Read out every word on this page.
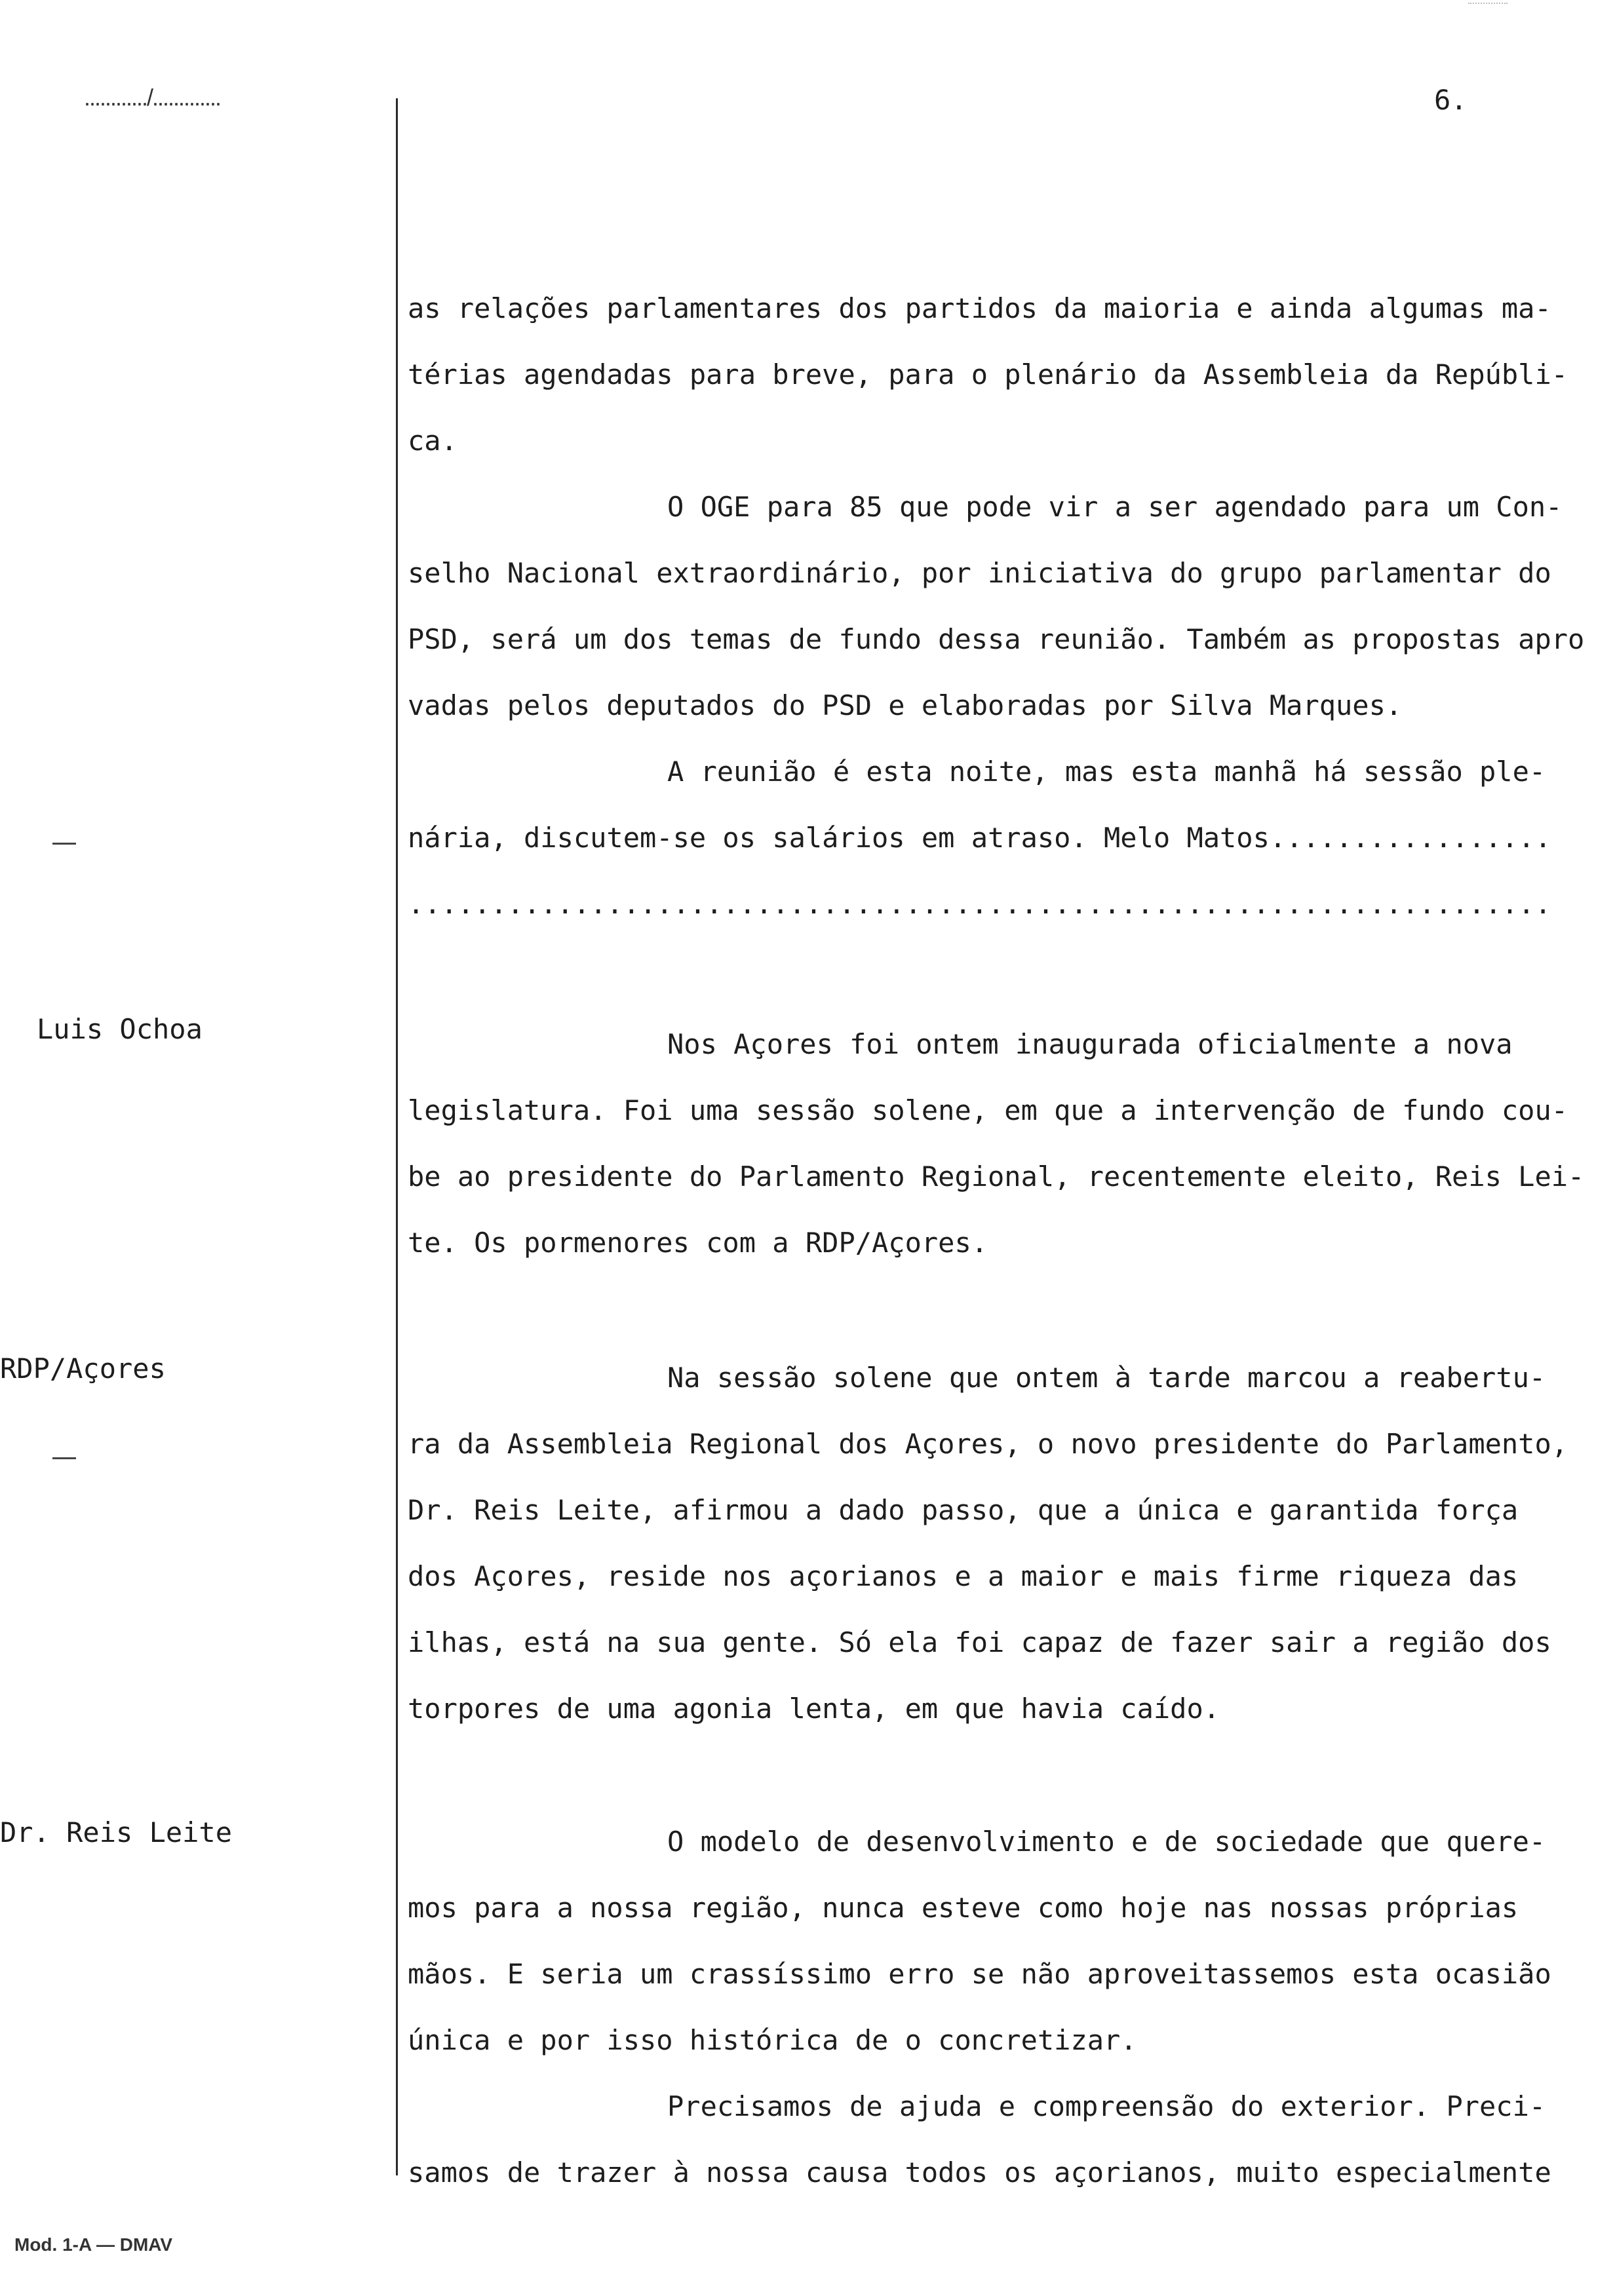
............/.............	6.
Luis Ochoa
RDP/Açores
Dr. Reis Leite
as relações parlamentares dos partidos da maioria e ainda algumas ma-
térias agendadas para breve, para o plenário da Assembleia da Repúbli-
ca.
O OGE para 85 que pode vir a ser agendado para um Con-
selho Nacional extraordinário, por iniciativa do grupo parlamentar do
PSD, será um dos temas de fundo dessa reunião. Também as propostas apro
vadas pelos deputados do PSD e elaboradas por Silva Marques.
A reunião é esta noite, mas esta manhã há sessão ple-
nária, discutem-se os salários em atraso. Melo Matos.................
.....................................................................
Nos Açores foi ontem inaugurada oficialmente a nova
legislatura. Foi uma sessão solene, em que a intervenção de fundo cou-
be ao presidente do Parlamento Regional, recentemente eleito, Reis Lei-
te. Os pormenores com a RDP/Açores.
Na sessão solene que ontem à tarde marcou a reabertu-
ra da Assembleia Regional dos Açores, o novo presidente do Parlamento,
Dr. Reis Leite, afirmou a dado passo, que a única e garantida força
dos Açores, reside nos açorianos e a maior e mais firme riqueza das
ilhas, está na sua gente. Só ela foi capaz de fazer sair a região dos
torpores de uma agonia lenta, em que havia caído.
O modelo de desenvolvimento e de sociedade que quere-
mos para a nossa região, nunca esteve como hoje nas nossas próprias
mãos. E seria um crassíssimo erro se não aproveitassemos esta ocasião
única e por isso histórica de o concretizar.
Precisamos de ajuda e compreensão do exterior. Preci-
samos de trazer à nossa causa todos os açorianos, muito especialmente
Mod. 1-A — DMAV
